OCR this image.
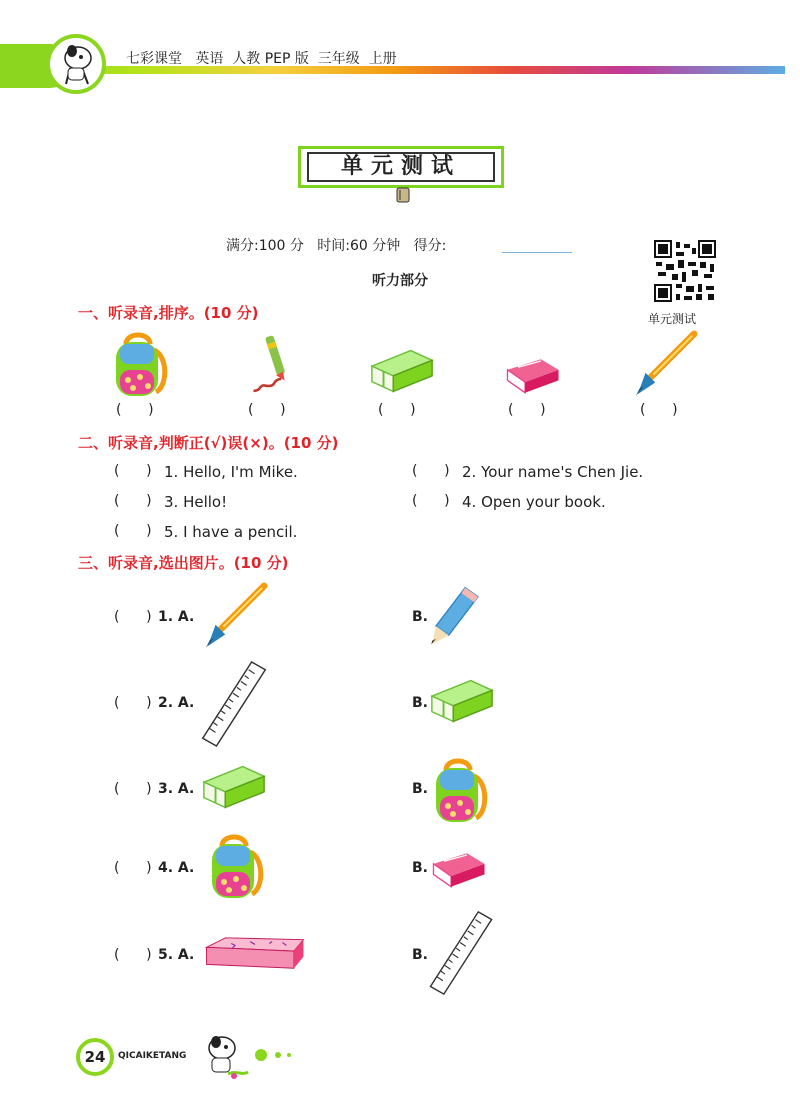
七彩课堂   英语  人教 PEP 版  三年级  上册
单元测试
满分:100 分   时间:60 分钟   得分:
听力部分
单元测试
一、听录音,排序。(10 分)
(      )	(      )	(      )	(      )	(      )
二、听录音,判断正(√)误(×)。(10 分)
(      ) 1. Hello, I'm Mike.	(      ) 2. Your name's Chen Jie.
(      ) 3. Hello!	(      ) 4. Open your book.
(      ) 5. I have a pencil.
三、听录音,选出图片。(10 分)
(      ) 1. A.	B.
(      ) 2. A.	B.
(      ) 3. A.	B.
(      ) 4. A.	B.
(      ) 5. A.	B.
24	QICAIKETANG
